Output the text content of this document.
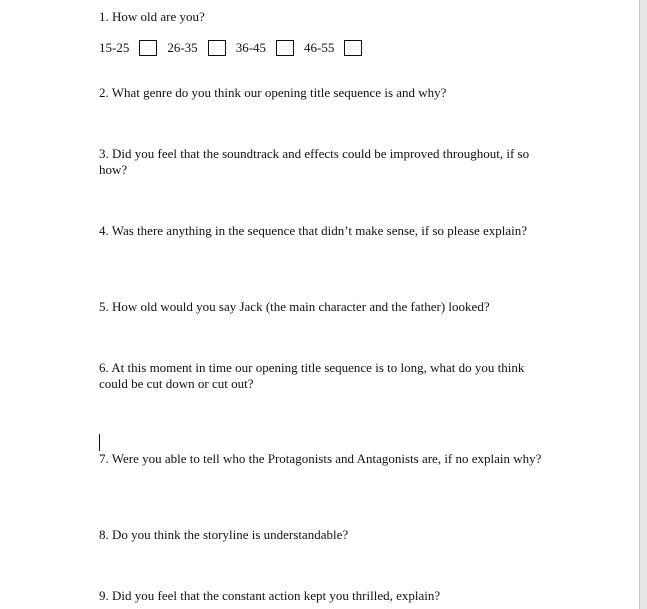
1. How old are you?

15-25	26-35	36-45	46-55

2. What genre do you think our opening title sequence is and why?

3. Did you feel that the soundtrack and effects could be improved throughout, if so how?

4. Was there anything in the sequence that didn’t make sense, if so please explain?

5. How old would you say Jack (the main character and the father) looked?

6. At this moment in time our opening title sequence is to long, what do you think could be cut down or cut out?

7. Were you able to tell who the Protagonists and Antagonists are, if no explain why?

8. Do you think the storyline is understandable?

9. Did you feel that the constant action kept you thrilled, explain?
